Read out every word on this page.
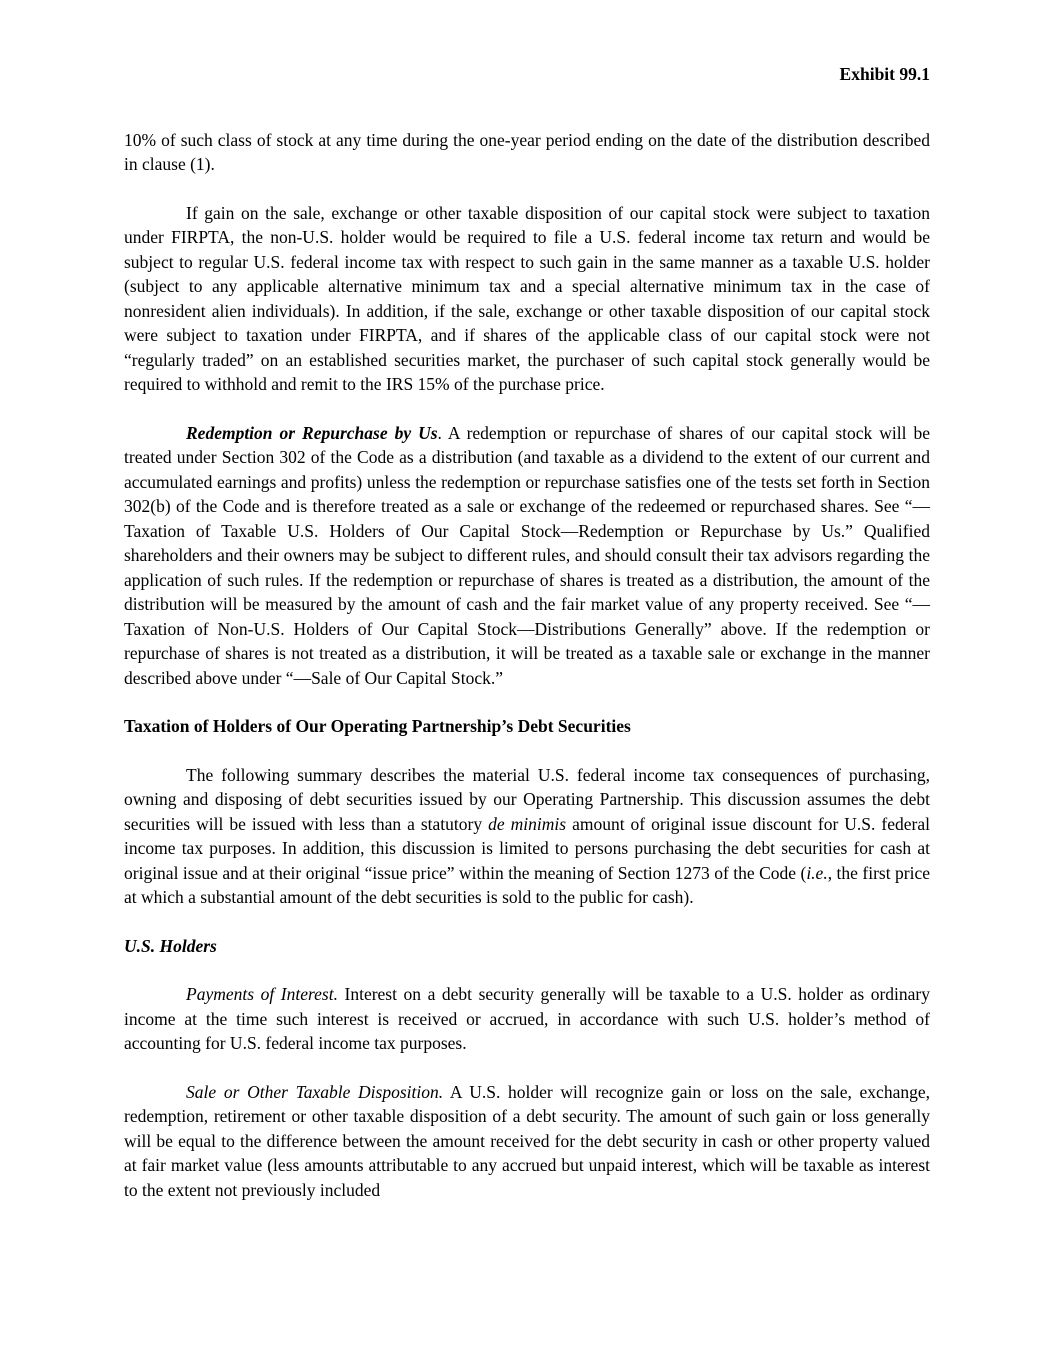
Exhibit 99.1

10% of such class of stock at any time during the one-year period ending on the date of the distribution described in clause (1).

If gain on the sale, exchange or other taxable disposition of our capital stock were subject to taxation under FIRPTA, the non-U.S. holder would be required to file a U.S. federal income tax return and would be subject to regular U.S. federal income tax with respect to such gain in the same manner as a taxable U.S. holder (subject to any applicable alternative minimum tax and a special alternative minimum tax in the case of nonresident alien individuals). In addition, if the sale, exchange or other taxable disposition of our capital stock were subject to taxation under FIRPTA, and if shares of the applicable class of our capital stock were not “regularly traded” on an established securities market, the purchaser of such capital stock generally would be required to withhold and remit to the IRS 15% of the purchase price.

Redemption or Repurchase by Us. A redemption or repurchase of shares of our capital stock will be treated under Section 302 of the Code as a distribution (and taxable as a dividend to the extent of our current and accumulated earnings and profits) unless the redemption or repurchase satisfies one of the tests set forth in Section 302(b) of the Code and is therefore treated as a sale or exchange of the redeemed or repurchased shares. See “—Taxation of Taxable U.S. Holders of Our Capital Stock—Redemption or Repurchase by Us.” Qualified shareholders and their owners may be subject to different rules, and should consult their tax advisors regarding the application of such rules. If the redemption or repurchase of shares is treated as a distribution, the amount of the distribution will be measured by the amount of cash and the fair market value of any property received. See “—Taxation of Non-U.S. Holders of Our Capital Stock—Distributions Generally” above. If the redemption or repurchase of shares is not treated as a distribution, it will be treated as a taxable sale or exchange in the manner described above under “—Sale of Our Capital Stock.”

Taxation of Holders of Our Operating Partnership’s Debt Securities

The following summary describes the material U.S. federal income tax consequences of purchasing, owning and disposing of debt securities issued by our Operating Partnership. This discussion assumes the debt securities will be issued with less than a statutory de minimis amount of original issue discount for U.S. federal income tax purposes. In addition, this discussion is limited to persons purchasing the debt securities for cash at original issue and at their original “issue price” within the meaning of Section 1273 of the Code (i.e., the first price at which a substantial amount of the debt securities is sold to the public for cash).

U.S. Holders

Payments of Interest. Interest on a debt security generally will be taxable to a U.S. holder as ordinary income at the time such interest is received or accrued, in accordance with such U.S. holder’s method of accounting for U.S. federal income tax purposes.

Sale or Other Taxable Disposition. A U.S. holder will recognize gain or loss on the sale, exchange, redemption, retirement or other taxable disposition of a debt security. The amount of such gain or loss generally will be equal to the difference between the amount received for the debt security in cash or other property valued at fair market value (less amounts attributable to any accrued but unpaid interest, which will be taxable as interest to the extent not previously included
